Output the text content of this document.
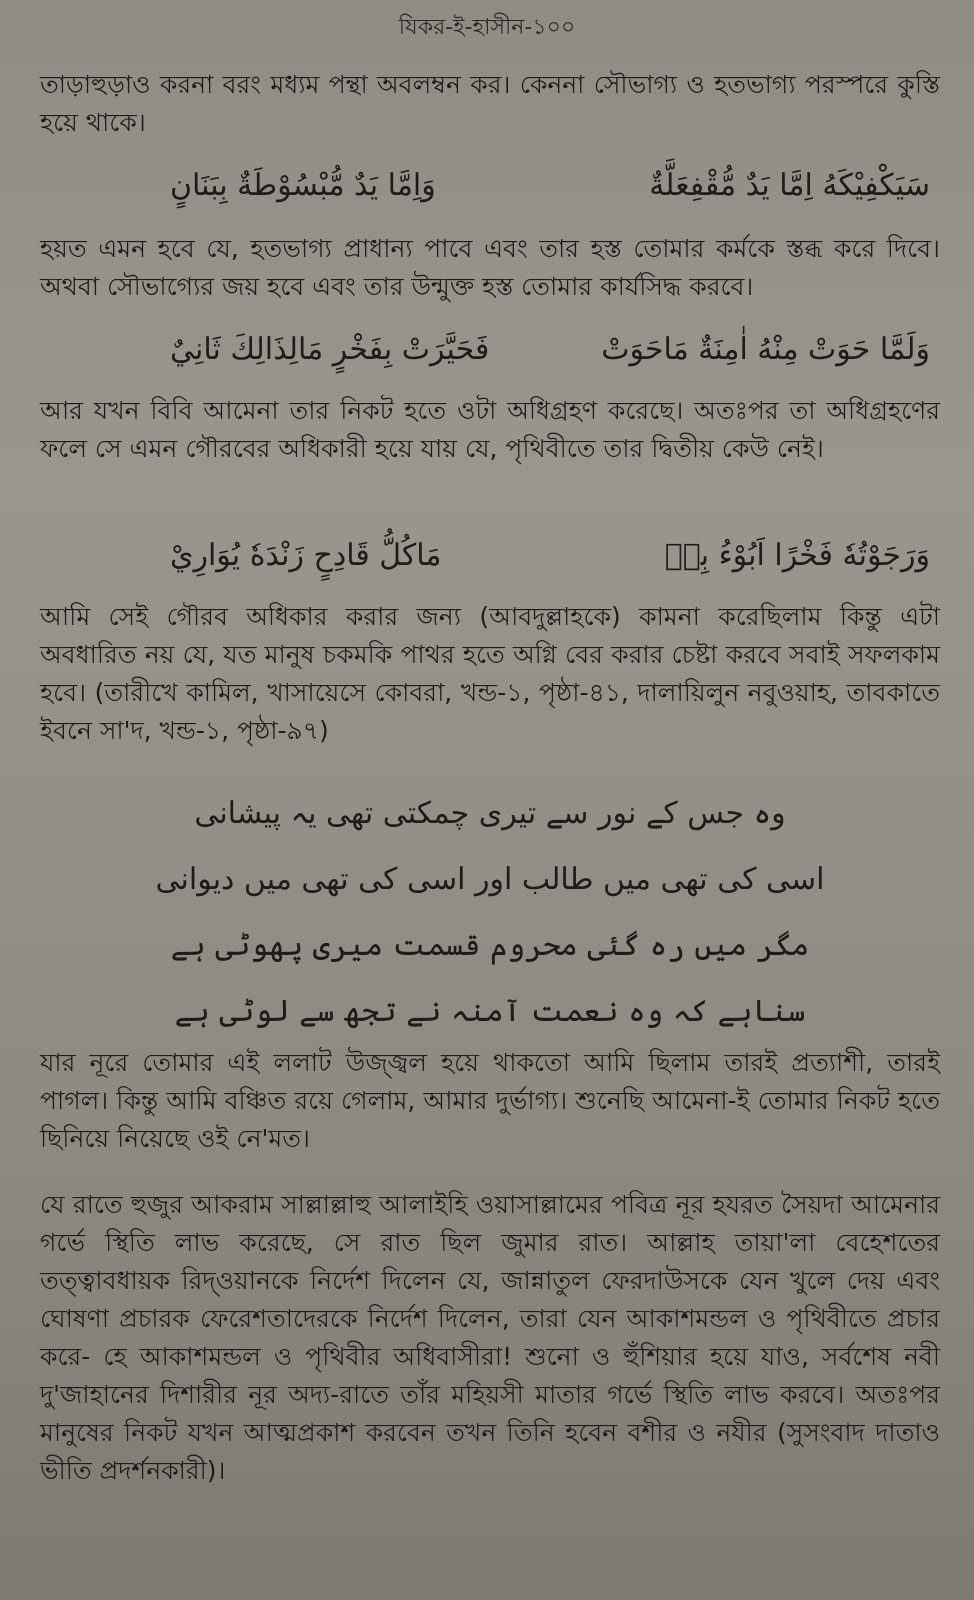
যিকর-ই-হাসীন-১০০
তাড়াহুড়াও করনা বরং মধ্যম পন্থা অবলম্বন কর। কেননা সৌভাগ্য ও হতভাগ্য পরস্পরে কুস্তি হয়ে থাকে।
سَيَكْفِيْكَهُ اِمَّا يَدٌ مُّقْفِعَلَّةٌ
وَاِمَّا يَدٌ مُّبْسُوْطَةٌ بِبَنَانٍ
হয়ত এমন হবে যে, হতভাগ্য প্রাধান্য পাবে এবং তার হস্ত তোমার কর্মকে স্তব্ধ করে দিবে। অথবা সৌভাগ্যের জয় হবে এবং তার উন্মুক্ত হস্ত তোমার কার্যসিদ্ধ করবে।
وَلَمَّا حَوَتْ مِنْهُ اٰمِنَةٌ مَاحَوَتْ
فَحَيَّرَتْ بِفَخْرٍ مَالِذَالِكَ ثَانِيٌ
আর যখন বিবি আমেনা তার নিকট হতে ওটা অধিগ্রহণ করেছে। অতঃপর তা অধিগ্রহণের ফলে সে এমন গৌরবের অধিকারী হয়ে যায় যে, পৃথিবীতে তার দ্বিতীয় কেউ নেই।
وَرَجَوْتُهٗ فَخْرًا اَبُوْءُ بِهٖ
مَاكُلُّ قَادِحٍ زَنْدَهٗ يُوَارِيْ
আমি সেই গৌরব অধিকার করার জন্য (আবদুল্লাহকে) কামনা করেছিলাম কিন্তু এটা অবধারিত নয় যে, যত মানুষ চকমকি পাথর হতে অগ্নি বের করার চেষ্টা করবে সবাই সফলকাম হবে। (তারীখে কামিল, খাসায়েসে কোবরা, খন্ড-১, পৃষ্ঠা-৪১, দালায়িলুন নবুওয়াহ, তাবকাতে ইবনে সা'দ, খন্ড-১, পৃষ্ঠা-৯৭)
وہ جس کے نور سے تیری چمکتی تھی یہ پیشانی
اسی کی تھی میں طالب اور اسی کی تھی میں دیوانی
مگر میں رہ گئی محروم قسمت میری پھوٹی ہے
سناہے کہ وہ نعمت آمنہ نے تجھ سے لوٹی ہے
যার নূরে তোমার এই ললাট উজ্জ্বল হয়ে থাকতো আমি ছিলাম তারই প্রত্যাশী, তারই পাগল। কিন্তু আমি বঞ্চিত রয়ে গেলাম, আমার দুর্ভাগ্য। শুনেছি আমেনা-ই তোমার নিকট হতে ছিনিয়ে নিয়েছে ওই নে'মত।
যে রাতে হুজুর আকরাম সাল্লাল্লাহু আলাইহি ওয়াসাল্লামের পবিত্র নূর হযরত সৈয়দা আমেনার গর্ভে স্থিতি লাভ করেছে, সে রাত ছিল জুমার রাত। আল্লাহ তায়া'লা বেহেশতের তত্ত্বাবধায়ক রিদ্ওয়ানকে নির্দেশ দিলেন যে, জান্নাতুল ফেরদাউসকে যেন খুলে দেয় এবং ঘোষণা প্রচারক ফেরেশতাদেরকে নির্দেশ দিলেন, তারা যেন আকাশমন্ডল ও পৃথিবীতে প্রচার করে- হে আকাশমন্ডল ও পৃথিবীর অধিবাসীরা! শুনো ও হুঁশিয়ার হয়ে যাও, সর্বশেষ নবী দু'জাহানের দিশারীর নূর অদ্য-রাতে তাঁর মহিয়সী মাতার গর্ভে স্থিতি লাভ করবে। অতঃপর মানুষের নিকট যখন আত্মপ্রকাশ করবেন তখন তিনি হবেন বশীর ও নযীর (সুসংবাদ দাতাও ভীতি প্রদর্শনকারী)।
